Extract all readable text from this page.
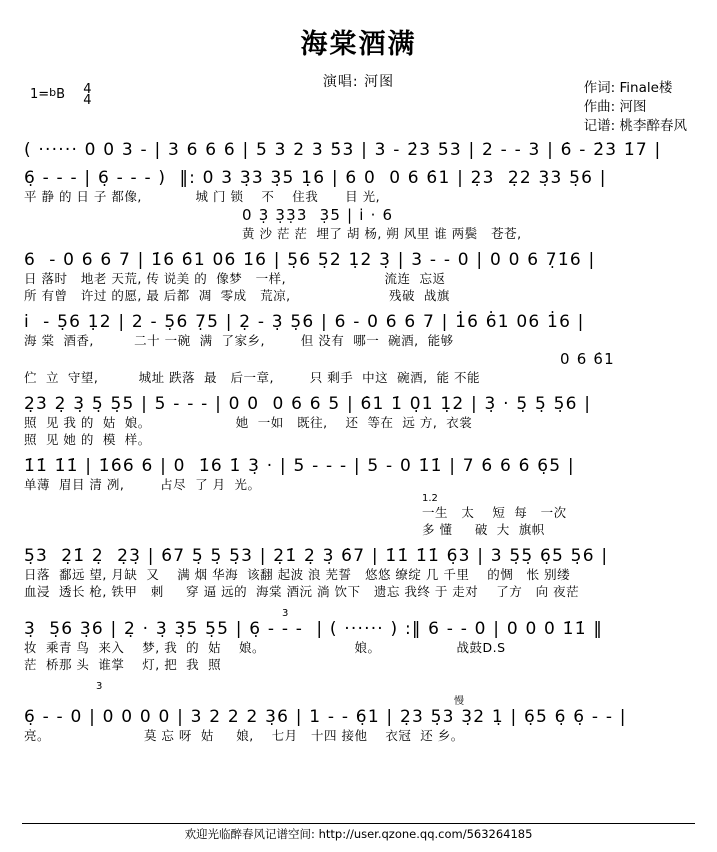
1=bB 4
4
海棠酒满
演唱: 河图	作词: Finale楼
作曲: 河图
记谱: 桃李醉春风
( ······ 0 0 3 - | 3 6 6 6 | 5 3 2 3 5̇3 | 3 - 2̇3 5̇3 | 2 - - 3 | 6̇ - 2̇3 1̇7 |
6̣ - - - | 6̣ - - - )  ‖: 0 3 3̣3 3̣5 1̣6 | 6 0  0 6 6̇1 | 2̣3  2̣2 3̣3 5̣6 |
平 静 的 日 子 都像,            城 门 锁    不    住我      目 光,
0 3̣ 3̣3̣3  3̣5 | i · 6
黄 沙 茫 茫  埋了 胡 杨, 朔 风里 谁 两鬓   苍苍,
6  - 0 6 6 7 | 1̇6 6̇1 06 1̇6 | 5̣6 5̣2 1̣2 3̣ | 3 - - 0 | 0 0 6 7̣1̇6 |
日 落时   地老 天荒, 传 说美 的  像梦   一样,                      流连  忘返
所 有曾   许过 的愿, 最 后都  凋  零成   荒凉,                      残破  战旗
i  - 5̣6 1̣2 | 2 - 5̣6 7̣5 | 2̣ - 3̣ 5̣6 | 6 - 0 6 6 7 | 1̇6 6̇1 06 1̇6 |
海 棠  酒香,         二十 一碗  满  了家乡,        但 没有  哪一  碗酒,  能够
0 6 6̇1
伫  立  守望,         城址 跌落  最   后一章,        只 剩手  中这  碗酒,  能 不能
2̣3 2̣ 3̣ 5̣ 5̣5 | 5 - - - | 0 0  0 6 6 5 | 6̇1 1̇ 0̣1 1̣2 | 3̣ · 5̣ 5̣ 5̣6 |
照  见 我 的  姑  娘。                   她  一如   既往,    还  等在  远 方,  衣裳
照  见 她 的  模  样。
1̇1̇ 1̇1̇ | 1̇6̇6 6 | 0  1̇6 1̇ 3̣ · | 5 - - - | 5 - 0 1̇1̇ | 7 6̇ 6 6̇ 6̣5 |
单薄  眉目 清 冽,        占尽  了 月  光。
1.2
一生   太    短  每   一次
多 懂     破  大  旗帜
5̣3  2̣1̇ 2̣  2̣3̣ | 6̇7 5̣ 5̣ 5̣3 | 2̣1̇ 2̣ 3̣ 6̇7 | 1̇1̇ 1̇1̇ 6̣3 | 3 5̣5̣ 6̣5 5̣6 |
日落  鄱远 望, 月缺  又    满 烟 华海  该翻 起波 浪 芜誓   悠悠 缭绽 几 千里    的惆   怅 别缕
血浸  透长 枪, 铁甲   刺     穿 逼 远的  海棠 酒沅 淌 饮下   遗忘 我终 于 走对    了方   向 夜茫
3
3̣  5̣6 3̣6 | 2̣ · 3̣ 3̣5 5̣5 | 6̣ - - -  | ( ······ ) :‖ 6 - - 0 | 0 0 0 1̇1̇ ‖
妆  乘青 鸟  来入    梦, 我  的  姑    娘。                    娘。                 战鼓D.S
茫  桥那 头  谁掌    灯, 把  我  照
3
慢
6̣ - - 0 | 0 0 0 0 | 3 2 2 2 3̣6 | 1 - - 6̣1 | 2̣3 5̣3 3̣2 1̣ | 6̣5 6̣ 6̣ - - |
亮。                     莫 忘 呀  姑     娘,    七月   十四 接他    衣冠  还 乡。
欢迎光临醉春风记谱空间: http://user.qzone.qq.com/563264185
